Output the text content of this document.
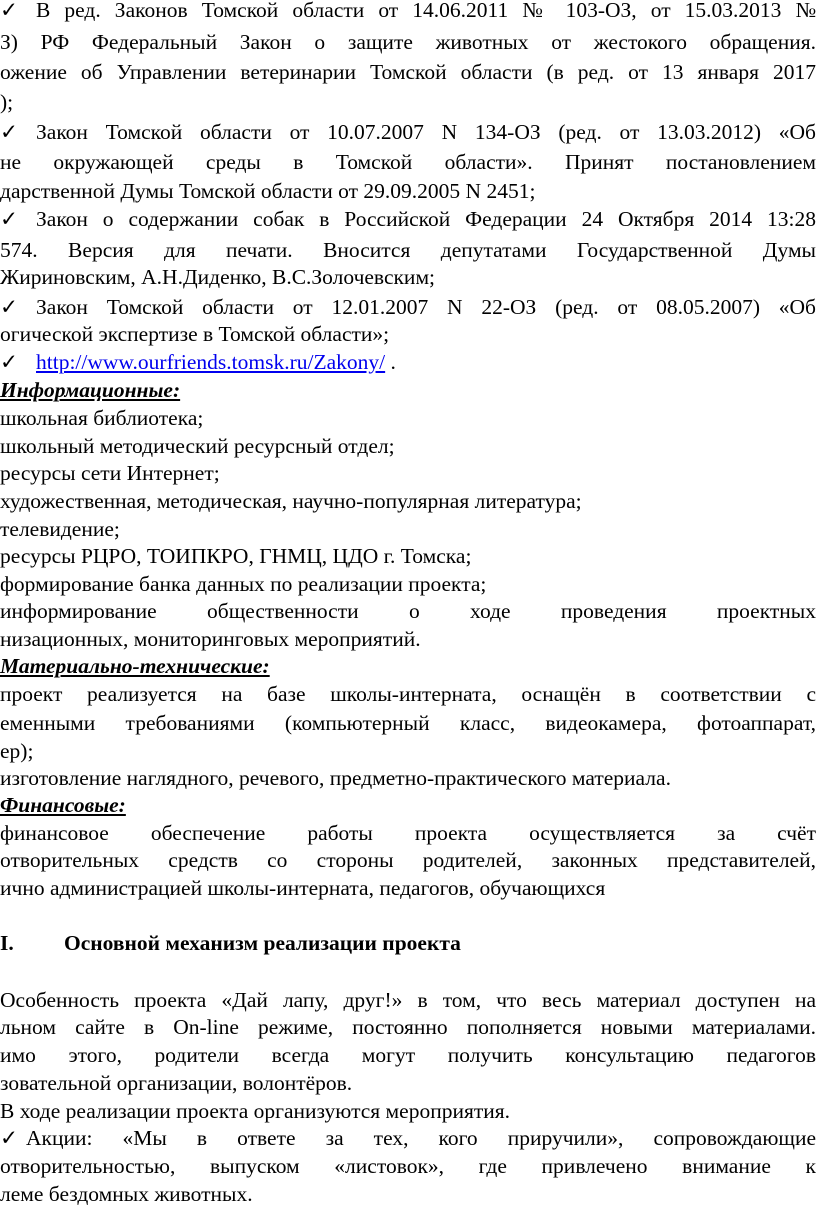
✓ В ред. Законов Томской области от 14.06.2011 № 103-ОЗ, от 15.03.2013 №
З) РФ Федеральный Закон о защите животных от жестокого обращения.
ожение об Управлении ветеринарии Томской области (в ред. от 13 января 2017
);
✓ Закон Томской области от 10.07.2007 N 134-ОЗ (ред. от 13.03.2012) «Об
не окружающей среды в Томской области». Принят постановлением
дарственной Думы Томской области от 29.09.2005 N 2451;
✓ Закон о содержании собак в Российской Федерации 24 Октября 2014 13:28
574. Версия для печати. Вносится депутатами Государственной Думы
Жириновским, А.Н.Диденко, В.С.Золочевским;
✓ Закон Томской области от 12.01.2007 N 22-ОЗ (ред. от 08.05.2007) «Об
огической экспертизе в Томской области»;
✓ http://www.ourfriends.tomsk.ru/Zakony/ .
Информационные:
школьная библиотека;
школьный методический ресурсный отдел;
ресурсы сети Интернет;
художественная, методическая, научно-популярная литература;
телевидение;
ресурсы РЦРО, ТОИПКРО, ГНМЦ, ЦДО г. Томска;
формирование банка данных по реализации проекта;
информирование общественности о ходе проведения проектных
низационных, мониторинговых мероприятий.
Материально-технические:
проект реализуется на базе школы-интерната, оснащён в соответствии с
еменными требованиями (компьютерный класс, видеокамера, фотоаппарат,
ер);
изготовление наглядного, речевого, предметно-практического материала.
Финансовые:
финансовое обеспечение работы проекта осуществляется за счёт
отворительных средств со стороны родителей, законных представителей,
ично администрацией школы-интерната, педагогов, обучающихся
I. Основной механизм реализации проекта
Особенность проекта «Дай лапу, друг!» в том, что весь материал доступен на
льном сайте в On-line режиме, постоянно пополняется новыми материалами.
имо этого, родители всегда могут получить консультацию педагогов
зовательной организации, волонтёров.
В ходе реализации проекта организуются мероприятия.
✓ Акции: «Мы в ответе за тех, кого приручили», сопровождающие
отворительностью, выпуском «листовок», где привлечено внимание к
лемe бездомных животных.
